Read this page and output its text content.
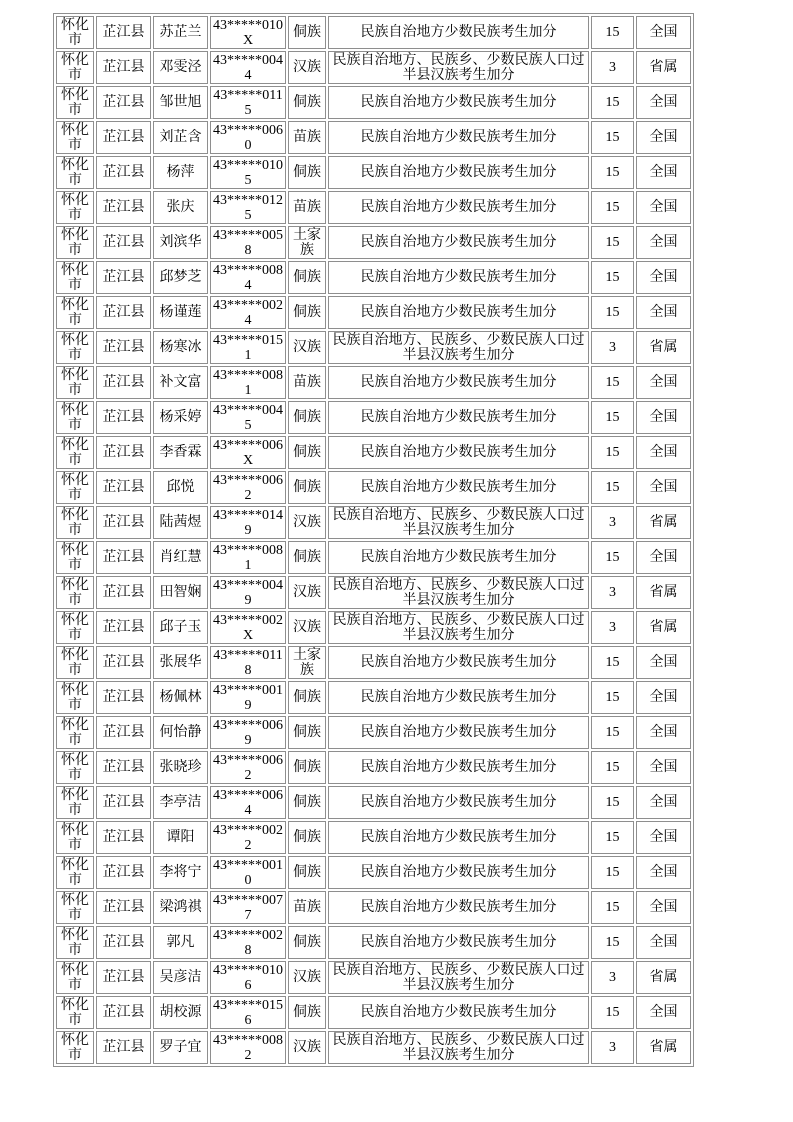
怀化市	芷江县	苏芷兰	43*****010X	侗族	民族自治地方少数民族考生加分	15	全国
怀化市	芷江县	邓雯泾	43*****0044	汉族	民族自治地方、民族乡、少数民族人口过半县汉族考生加分	3	省属
怀化市	芷江县	邹世旭	43*****0115	侗族	民族自治地方少数民族考生加分	15	全国
怀化市	芷江县	刘芷含	43*****0060	苗族	民族自治地方少数民族考生加分	15	全国
怀化市	芷江县	杨萍	43*****0105	侗族	民族自治地方少数民族考生加分	15	全国
怀化市	芷江县	张庆	43*****0125	苗族	民族自治地方少数民族考生加分	15	全国
怀化市	芷江县	刘滨华	43*****0058	土家族	民族自治地方少数民族考生加分	15	全国
怀化市	芷江县	邱梦芝	43*****0084	侗族	民族自治地方少数民族考生加分	15	全国
怀化市	芷江县	杨谨莲	43*****0024	侗族	民族自治地方少数民族考生加分	15	全国
怀化市	芷江县	杨寒冰	43*****0151	汉族	民族自治地方、民族乡、少数民族人口过半县汉族考生加分	3	省属
怀化市	芷江县	补文富	43*****0081	苗族	民族自治地方少数民族考生加分	15	全国
怀化市	芷江县	杨采婷	43*****0045	侗族	民族自治地方少数民族考生加分	15	全国
怀化市	芷江县	李香霖	43*****006X	侗族	民族自治地方少数民族考生加分	15	全国
怀化市	芷江县	邱悦	43*****0062	侗族	民族自治地方少数民族考生加分	15	全国
怀化市	芷江县	陆茜煜	43*****0149	汉族	民族自治地方、民族乡、少数民族人口过半县汉族考生加分	3	省属
怀化市	芷江县	肖红慧	43*****0081	侗族	民族自治地方少数民族考生加分	15	全国
怀化市	芷江县	田智娴	43*****0049	汉族	民族自治地方、民族乡、少数民族人口过半县汉族考生加分	3	省属
怀化市	芷江县	邱子玉	43*****002X	汉族	民族自治地方、民族乡、少数民族人口过半县汉族考生加分	3	省属
怀化市	芷江县	张展华	43*****0118	土家族	民族自治地方少数民族考生加分	15	全国
怀化市	芷江县	杨佩林	43*****0019	侗族	民族自治地方少数民族考生加分	15	全国
怀化市	芷江县	何怡静	43*****0069	侗族	民族自治地方少数民族考生加分	15	全国
怀化市	芷江县	张晓珍	43*****0062	侗族	民族自治地方少数民族考生加分	15	全国
怀化市	芷江县	李亭洁	43*****0064	侗族	民族自治地方少数民族考生加分	15	全国
怀化市	芷江县	谭阳	43*****0022	侗族	民族自治地方少数民族考生加分	15	全国
怀化市	芷江县	李将宁	43*****0010	侗族	民族自治地方少数民族考生加分	15	全国
怀化市	芷江县	梁鸿祺	43*****0077	苗族	民族自治地方少数民族考生加分	15	全国
怀化市	芷江县	郭凡	43*****0028	侗族	民族自治地方少数民族考生加分	15	全国
怀化市	芷江县	吴彦洁	43*****0106	汉族	民族自治地方、民族乡、少数民族人口过半县汉族考生加分	3	省属
怀化市	芷江县	胡校源	43*****0156	侗族	民族自治地方少数民族考生加分	15	全国
怀化市	芷江县	罗子宜	43*****0082	汉族	民族自治地方、民族乡、少数民族人口过半县汉族考生加分	3	省属
